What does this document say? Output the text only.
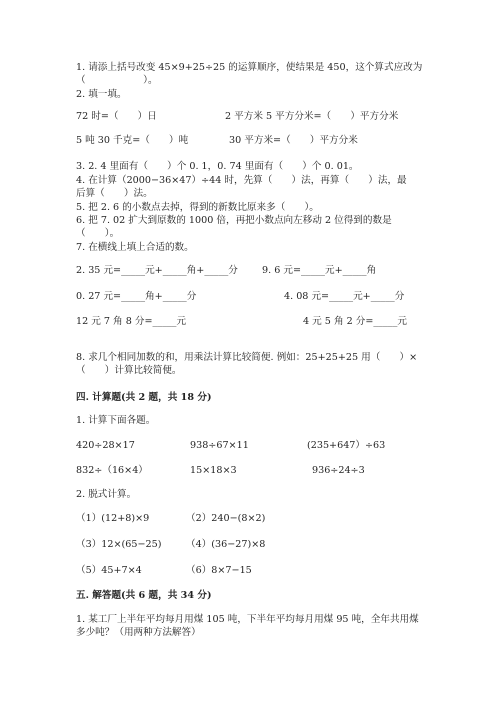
1. 请添上括号改变 45×9+25÷25 的运算顺序，使结果是 450，这个算式应改为
（　　　　　　）。
2. 填一填。
72 时=（　　）日	2 平方米 5 平方分米=（　　）平方分米
5 吨 30 千克=（　　）吨	30 平方米=（　　）平方分米
3. 2. 4 里面有（　　）个 0. 1，0. 74 里面有（　　）个 0. 01。
4. 在计算（2000−36×47）÷44 时，先算（　　）法，再算（　　）法，最
后算（　　）法。
5. 把 2. 6 的小数点去掉，得到的新数比原来多（　　）。
6. 把 7. 02 扩大到原数的 1000 倍，再把小数点向左移动 2 位得到的数是
（　　）。
7. 在横线上填上合适的数。
2. 35 元=_____元+_____角+_____分	9. 6 元=_____元+_____角
0. 27 元=_____角+_____分	4. 08 元=_____元+_____分
12 元 7 角 8 分=_____元	4 元 5 角 2 分=_____元
8. 求几个相同加数的和，用乘法计算比较简便. 例如：25+25+25 用（　　）×
（　　）计算比较简便。
四. 计算题(共 2 题，共 18 分)
1. 计算下面各题。
420÷28×17	938÷67×11	(235+647）÷63
832÷（16×4）	15×18×3	936÷24÷3
2. 脱式计算。
（1）(12+8)×9	（2）240−(8×2)
（3）12×(65−25)	（4）(36−27)×8
（5）45+7×4	（6）8×7−15
五. 解答题(共 6 题，共 34 分)
1. 某工厂上半年平均每月用煤 105 吨，下半年平均每月用煤 95 吨，全年共用煤
多少吨？（用两种方法解答）
